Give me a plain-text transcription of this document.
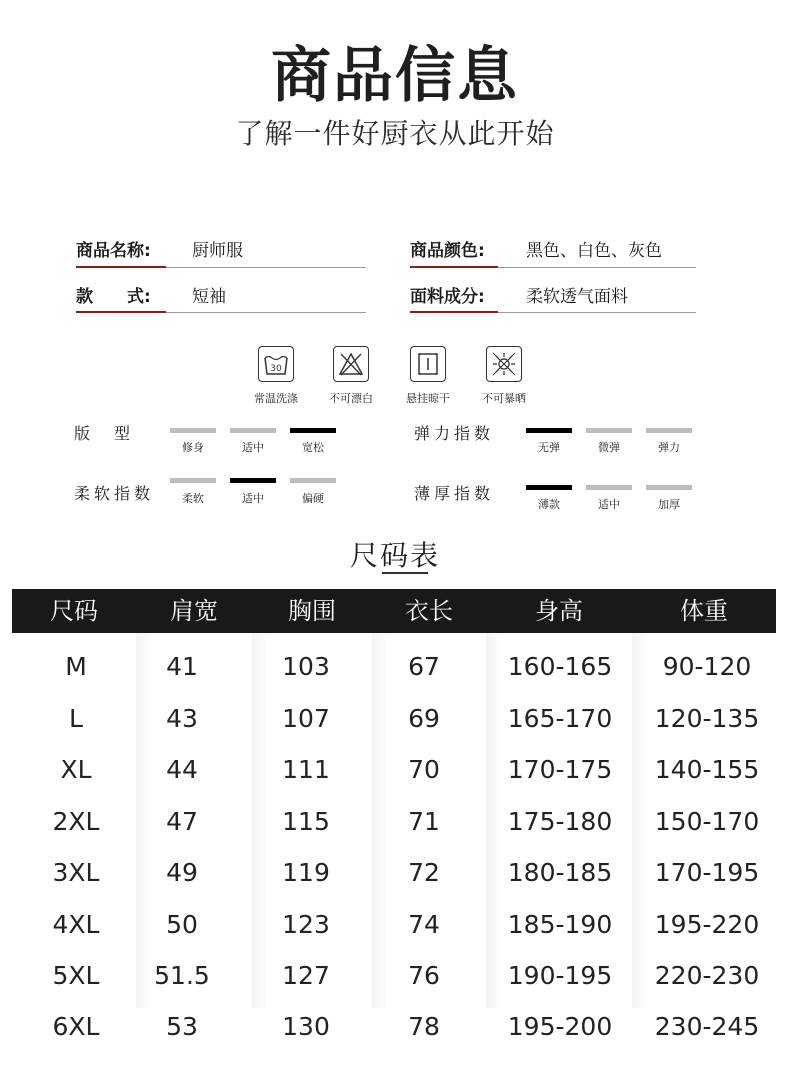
商品信息
了解一件好厨衣从此开始
商品名称: 厨师服
款　　式: 短袖
商品颜色: 黑色、白色、灰色
面料成分: 柔软透气面料
30
常温洗涤	不可漂白	悬挂晾干	不可暴晒
版　型
修身	适中	宽松
弹力指数
无弹	微弹	弹力
柔软指数	柔软	适中	偏硬	薄厚指数
薄款	适中	加厚
尺码表
尺码	肩宽	胸围	衣长	身高	体重
M	41	103	67	160-165	90-120
L	43	107	69	165-170	120-135
XL	44	111	70	170-175	140-155
2XL	47	115	71	175-180	150-170
3XL	49	119	72	180-185	170-195
4XL	50	123	74	185-190	195-220
5XL	51.5	127	76	190-195	220-230
6XL	53	130	78	195-200	230-245
